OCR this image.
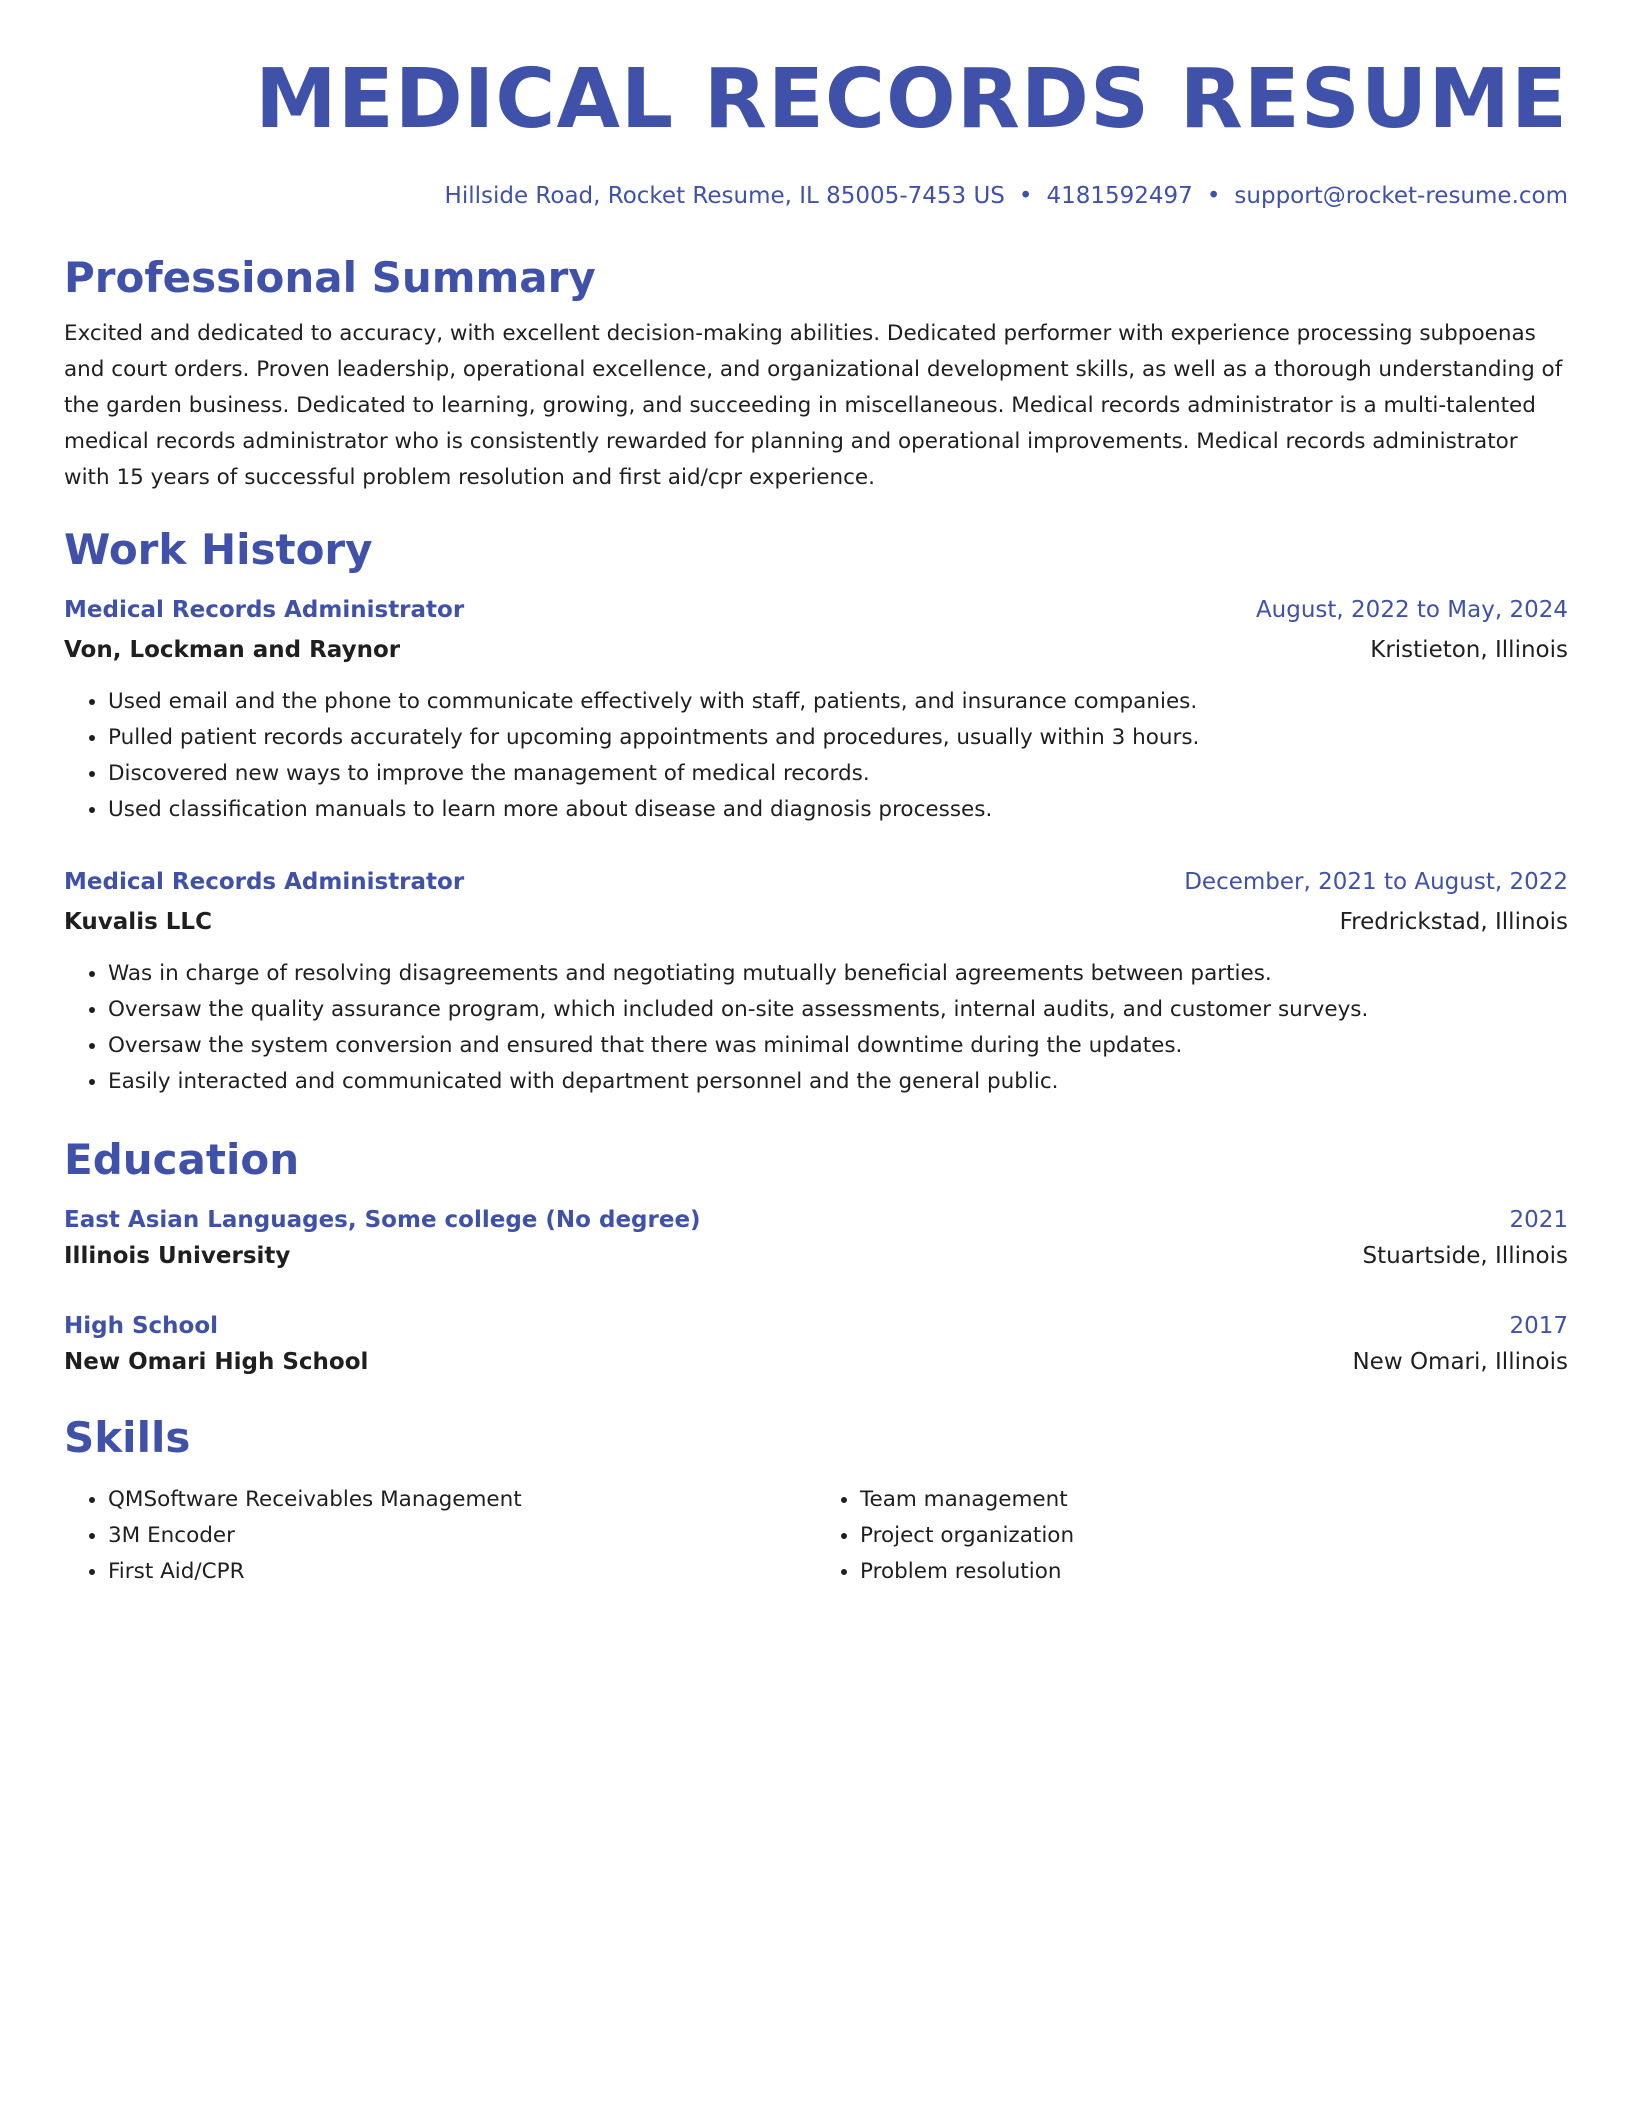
MEDICAL RECORDS RESUME
Hillside Road, Rocket Resume, IL 85005-7453 US • 4181592497 • support@rocket-resume.com
Professional Summary
Excited and dedicated to accuracy, with excellent decision-making abilities. Dedicated performer with experience processing subpoenas and court orders. Proven leadership, operational excellence, and organizational development skills, as well as a thorough understanding of the garden business. Dedicated to learning, growing, and succeeding in miscellaneous. Medical records administrator is a multi-talented medical records administrator who is consistently rewarded for planning and operational improvements. Medical records administrator with 15 years of successful problem resolution and first aid/cpr experience.
Work History
Medical Records Administrator	August, 2022 to May, 2024
Von, Lockman and Raynor	Kristieton, Illinois
• Used email and the phone to communicate effectively with staff, patients, and insurance companies.
• Pulled patient records accurately for upcoming appointments and procedures, usually within 3 hours.
• Discovered new ways to improve the management of medical records.
• Used classification manuals to learn more about disease and diagnosis processes.
Medical Records Administrator	December, 2021 to August, 2022
Kuvalis LLC	Fredrickstad, Illinois
• Was in charge of resolving disagreements and negotiating mutually beneficial agreements between parties.
• Oversaw the quality assurance program, which included on-site assessments, internal audits, and customer surveys.
• Oversaw the system conversion and ensured that there was minimal downtime during the updates.
• Easily interacted and communicated with department personnel and the general public.
Education
East Asian Languages, Some college (No degree)	2021
Illinois University	Stuartside, Illinois
High School	2017
New Omari High School	New Omari, Illinois
Skills
• QMSoftware Receivables Management
• 3M Encoder
• First Aid/CPR
• Team management
• Project organization
• Problem resolution
